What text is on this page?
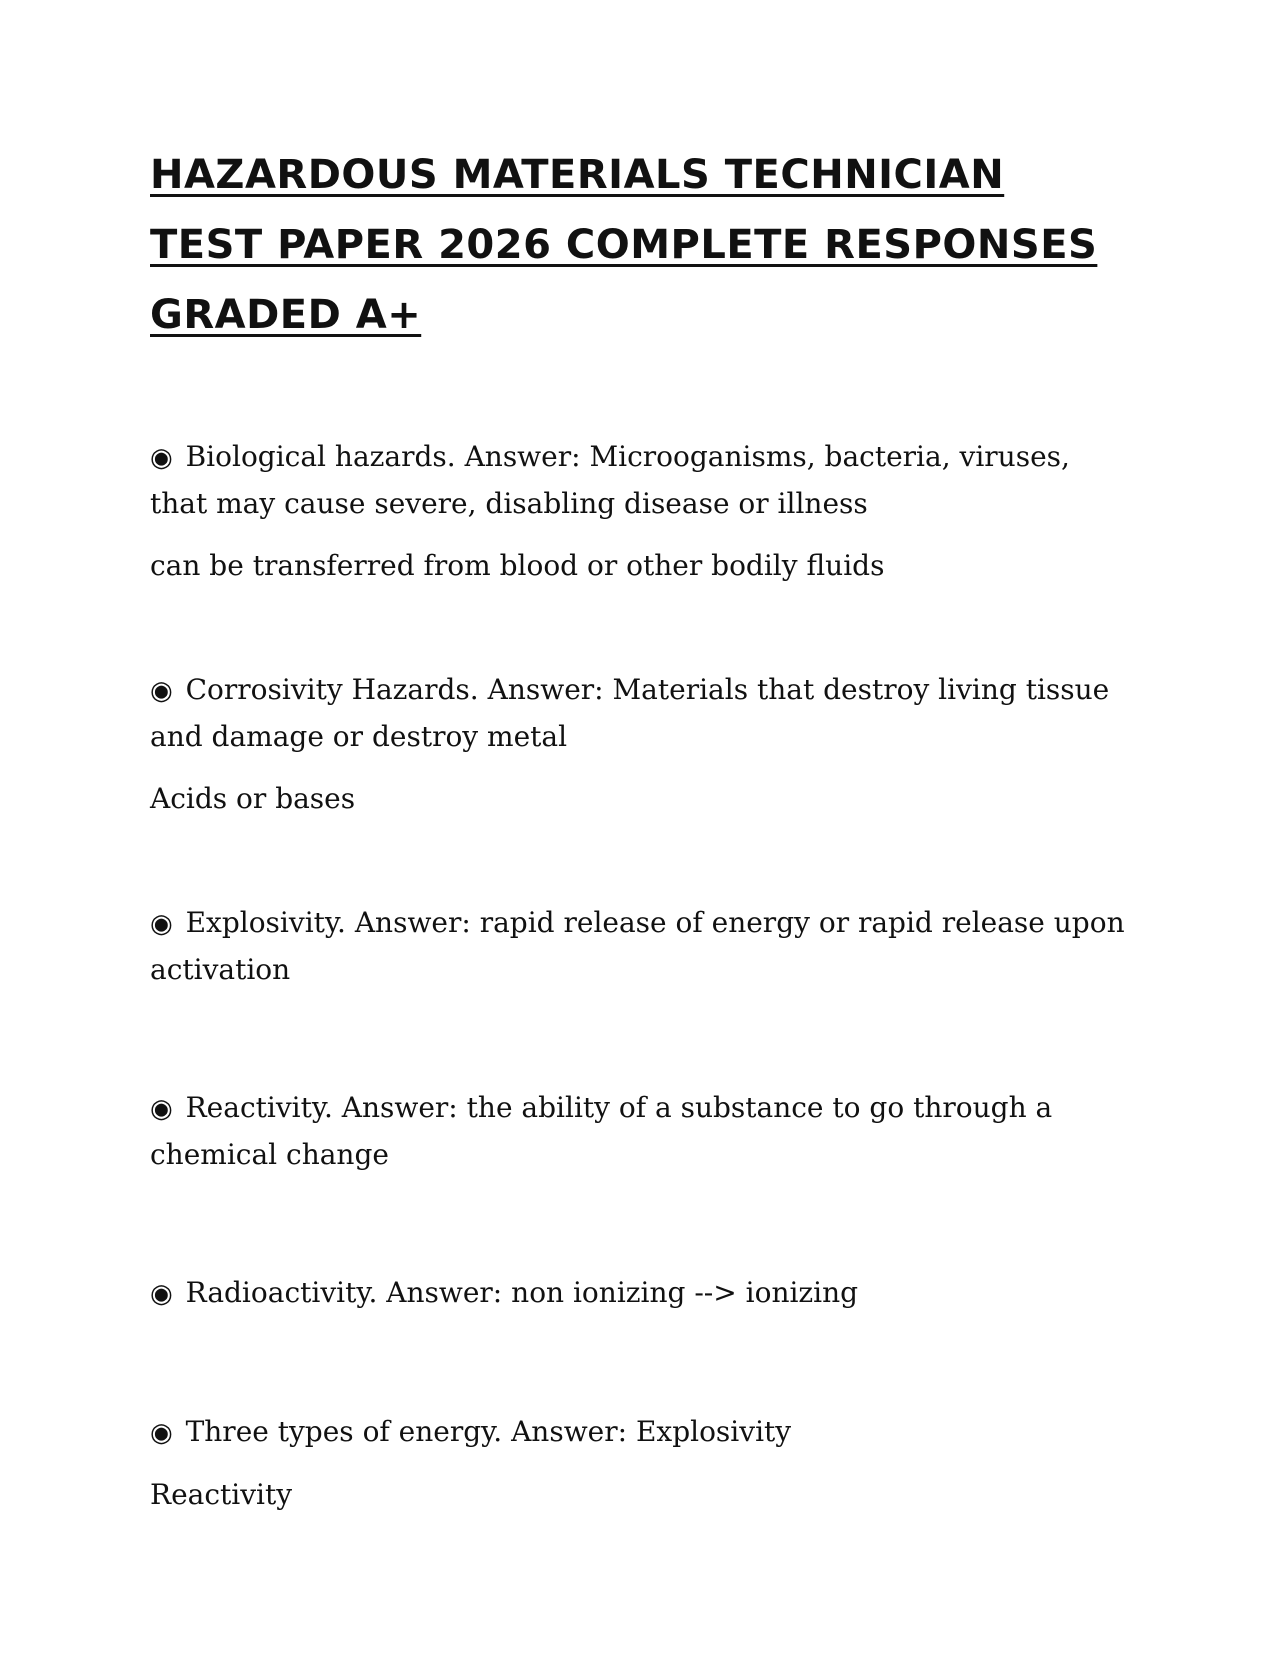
HAZARDOUS MATERIALS TECHNICIAN TEST PAPER 2026 COMPLETE RESPONSES GRADED A+
◉ Biological hazards. Answer: Microoganisms, bacteria, viruses, that may cause severe, disabling disease or illness
can be transferred from blood or other bodily fluids
◉ Corrosivity Hazards. Answer: Materials that destroy living tissue and damage or destroy metal
Acids or bases
◉ Explosivity. Answer: rapid release of energy or rapid release upon activation
◉ Reactivity. Answer: the ability of a substance to go through a chemical change
◉ Radioactivity. Answer: non ionizing --> ionizing
◉ Three types of energy. Answer: Explosivity
Reactivity
